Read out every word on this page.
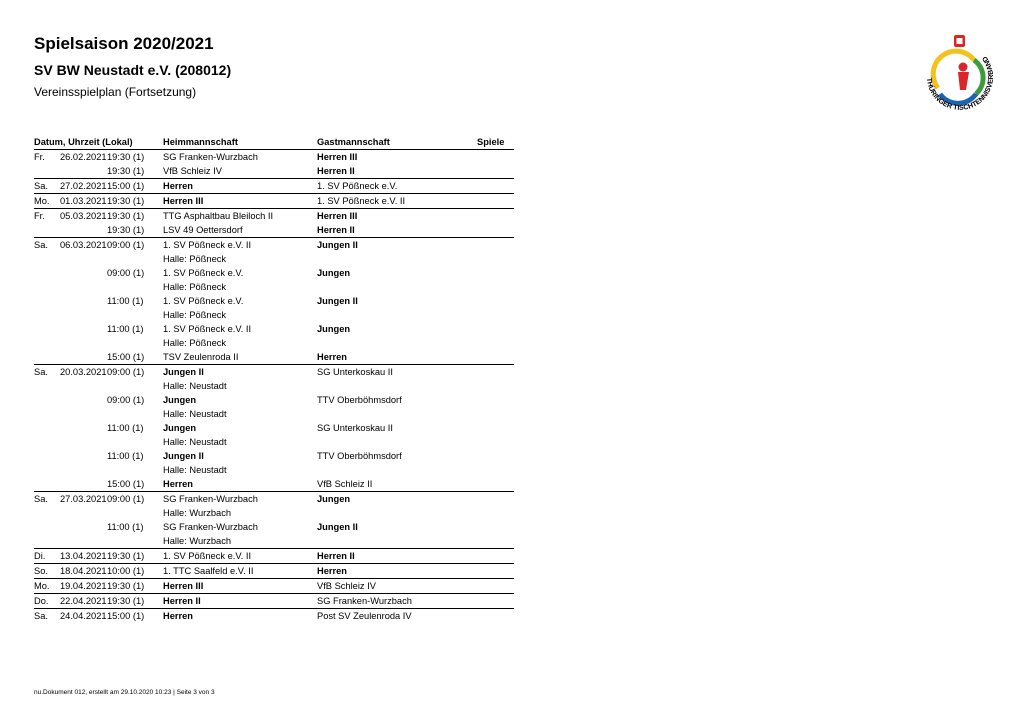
Spielsaison 2020/2021
SV BW Neustadt e.V. (208012)
Vereinsspielplan (Fortsetzung)
THÜRINGER TISCHTENNISVERBAND
Datum, Uhrzeit (Lokal)	Heimmannschaft	Gastmannschaft	Spiele
Fr. 26.02.2021 19:30 (1) SG Franken-Wurzbach	Herren III
19:30 (1) VfB Schleiz IV	Herren II
Sa. 27.02.2021 15:00 (1) Herren	1. SV Pößneck e.V.
Mo. 01.03.2021 19:30 (1) Herren III	1. SV Pößneck e.V. II
Fr. 05.03.2021 19:30 (1) TTG Asphaltbau Bleiloch II	Herren III
19:30 (1) LSV 49 Oettersdorf	Herren II
Sa. 06.03.2021 09:00 (1) 1. SV Pößneck e.V. II	Jungen II
Halle: Pößneck
09:00 (1) 1. SV Pößneck e.V.	Jungen
Halle: Pößneck
11:00 (1) 1. SV Pößneck e.V.	Jungen II
Halle: Pößneck
11:00 (1) 1. SV Pößneck e.V. II	Jungen
Halle: Pößneck
15:00 (1) TSV Zeulenroda II	Herren
Sa. 20.03.2021 09:00 (1) Jungen II	SG Unterkoskau II
Halle: Neustadt
09:00 (1) Jungen	TTV Oberböhmsdorf
Halle: Neustadt
11:00 (1) Jungen	SG Unterkoskau II
Halle: Neustadt
11:00 (1) Jungen II	TTV Oberböhmsdorf
Halle: Neustadt
15:00 (1) Herren	VfB Schleiz II
Sa. 27.03.2021 09:00 (1) SG Franken-Wurzbach	Jungen
Halle: Wurzbach
11:00 (1) SG Franken-Wurzbach	Jungen II
Halle: Wurzbach
Di. 13.04.2021 19:30 (1) 1. SV Pößneck e.V. II	Herren II
So. 18.04.2021 10:00 (1) 1. TTC Saalfeld e.V. II	Herren
Mo. 19.04.2021 19:30 (1) Herren III	VfB Schleiz IV
Do. 22.04.2021 19:30 (1) Herren II	SG Franken-Wurzbach
Sa. 24.04.2021 15:00 (1) Herren	Post SV Zeulenroda IV
nu.Dokument 012, erstellt am 29.10.2020 10:23 | Seite 3 von 3
